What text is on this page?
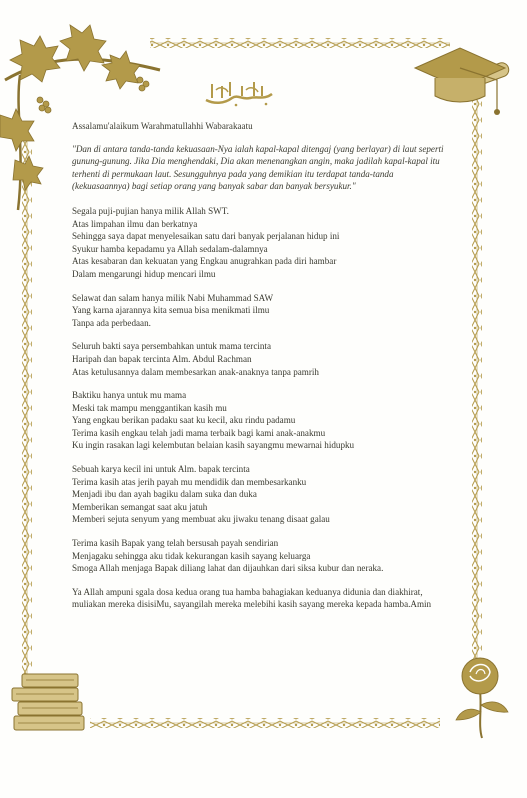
Assalamu'alaikum Warahmatullahhi Wabarakaatu
"Dan di antara tanda-tanda kekuasaan-Nya ialah kapal-kapal ditengaj (yang berlayar) di laut seperti gunung-gunung. Jika Dia menghendaki, Dia akan menenangkan angin, maka jadilah kapal-kapal itu terhenti di permukaan laut. Sesungguhnya pada yang demikian itu terdapat tanda-tanda (kekuasaannya) bagi setiap orang yang banyak sabar dan banyak bersyukur."
Segala puji-pujian hanya milik Allah SWT.
Atas limpahan ilmu dan berkatnya
Sehingga saya dapat menyelesaikan satu dari banyak perjalanan hidup ini
Syukur hamba kepadamu ya Allah sedalam-dalamnya
Atas kesabaran dan kekuatan yang Engkau anugrahkan pada diri hambar
Dalam mengarungi hidup mencari ilmu
Selawat dan salam hanya milik Nabi Muhammad SAW
Yang karna ajarannya kita semua bisa menikmati ilmu
Tanpa ada perbedaan.
Seluruh bakti saya persembahkan untuk mama tercinta
Haripah dan bapak tercinta Alm. Abdul Rachman
Atas ketulusannya dalam membesarkan anak-anaknya tanpa pamrih
Baktiku hanya untuk mu mama
Meski tak mampu menggantikan kasih mu
Yang engkau berikan padaku saat ku kecil, aku rindu padamu
Terima kasih engkau telah jadi mama terbaik bagi kami anak-anakmu
Ku ingin rasakan lagi kelembutan belaian kasih sayangmu mewarnai hidupku
Sebuah karya kecil ini untuk Alm. bapak tercinta
Terima kasih atas jerih payah mu mendidik dan membesarkanku
Menjadi ibu dan ayah bagiku dalam suka dan duka
Memberikan semangat saat aku jatuh
Memberi sejuta senyum yang membuat aku jiwaku tenang disaat galau
Terima kasih Bapak yang telah bersusah payah sendirian
Menjagaku sehingga aku tidak kekurangan kasih sayang keluarga
Smoga Allah menjaga Bapak diliang lahat dan dijauhkan dari siksa kubur dan neraka.
Ya Allah ampuni sgala dosa kedua orang tua hamba bahagiakan keduanya didunia dan diakhirat, muliakan mereka disisiMu, sayangilah mereka melebihi kasih sayang mereka kepada hamba.Amin
